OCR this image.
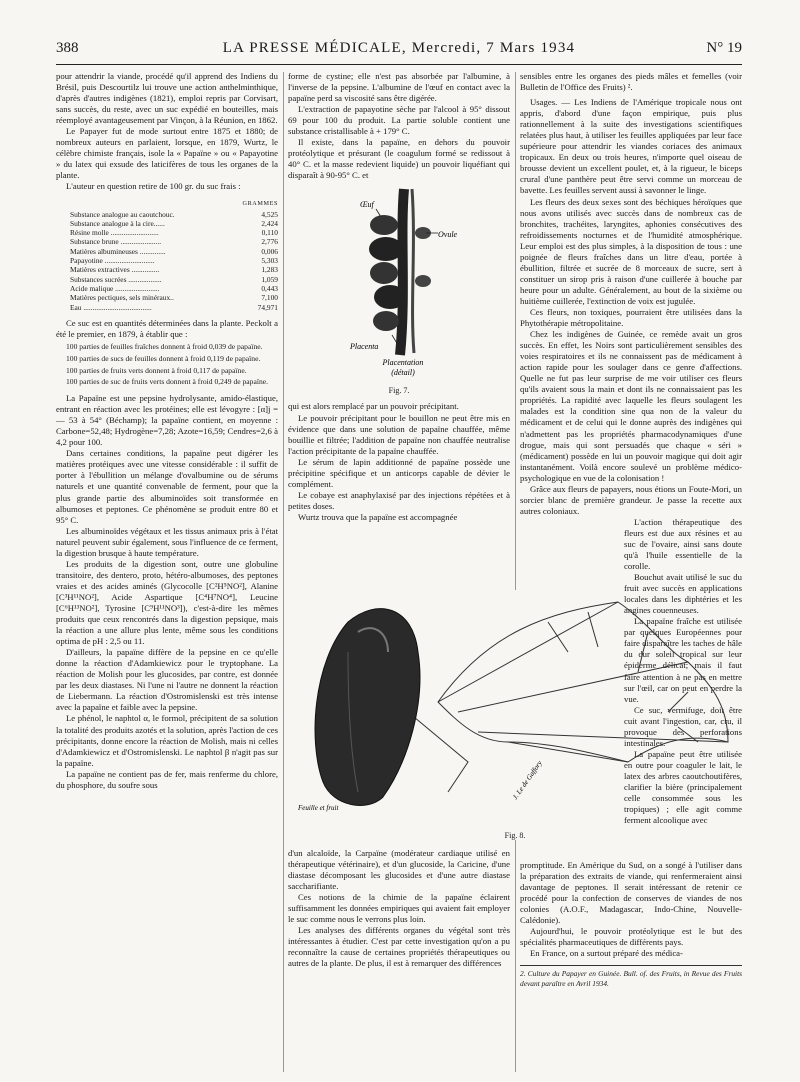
388	LA PRESSE MÉDICALE, Mercredi, 7 Mars 1934	N° 19

pour attendrir la viande, procédé qu'il apprend des Indiens du Brésil, puis Descourtilz lui trouve une action anthelminthique, d'après d'autres indigènes (1821), emploi repris par Corvisart, sans succès, du reste, avec un suc expédié en bouteilles, mais réemployé avantageusement par Vinçon, à la Réunion, en 1862.

Le Papayer fut de mode surtout entre 1875 et 1880; de nombreux auteurs en parlaient, lorsque, en 1879, Wurtz, le célèbre chimiste français, isole la « Papaïne » ou « Papayotine » du latex qui exsude des laticifères de tous les organes de la plante.

L'auteur en question retire de 100 gr. du suc frais :

GRAMMES
Substance analogue au caoutchouc.	4,525
Substance analogue à la cire......	2,424
Résine molle ..........................	0,110
Substance brune ......................	2,776
Matières albumineuses ..............	0,006
Papayotine ...........................	5,303
Matières extractives ...............	1,283
Substances sucrées ..................	1,059
Acide malique ........................	0,443
Matières pectiques, sels minéraux..	7,100
Eau .....................................	74,971

Ce suc est en quantités déterminées dans la plante. Peckolt a été le premier, en 1879, à établir que :

100 parties de feuilles fraîches donnent à froid 0,039 de papaïne.

100 parties de sucs de feuilles donnent à froid 0,119 de papaïne.

100 parties de fruits verts donnent à froid 0,117 de papaïne.

100 parties de suc de fruits verts donnent à froid 0,249 de papaïne.

La Papaïne est une pepsine hydrolysante, amido-élastique, entrant en réaction avec les protéines; elle est lévogyre : [α]j = — 53 à 54° (Béchamp); la papaïne contient, en moyenne : Carbone=52,48; Hydrogène=7,28; Azote=16,59; Cendres=2,6 à 4,2 pour 100.

Dans certaines conditions, la papaïne peut digérer les matières protéiques avec une vitesse considérable : il suffit de porter à l'ébullition un mélange d'ovalbumine ou de sérums naturels et une quantité convenable de ferment, pour que la plus grande partie des albuminoïdes soit transformée en albumoses et peptones. Ce phénomène se produit entre 80 et 95° C.

Les albuminoïdes végétaux et les tissus animaux pris à l'état naturel peuvent subir également, sous l'influence de ce ferment, la digestion brusque à haute température.

Les produits de la digestion sont, outre une globuline transitoire, des dentero, proto, hétéro-albumoses, des peptones vraies et des acides aminés (Glycocolle [C²H⁵NO²], Alanine [C³H¹¹NO²], Acide Aspartique [C⁴H⁷NO⁴], Leucine [C⁶H¹³NO²], Tyrosine [C⁹H¹¹NO³]), c'est-à-dire les mêmes produits que ceux rencontrés dans la digestion pepsique, mais la réaction a une allure plus lente, même sous les conditions optima de pH : 2,5 ou 11.

D'ailleurs, la papaïne diffère de la pepsine en ce qu'elle donne la réaction d'Adamkiewicz pour le tryptophane. La réaction de Molish pour les glucosides, par contre, est donnée par les deux diastases. Ni l'une ni l'autre ne donnent la réaction de Liebermann. La réaction d'Ostromislenski est très intense avec la papaïne et faible avec la pepsine.

Le phénol, le naphtol α, le formol, précipitent de sa solution la totalité des produits azotés et la solution, après l'action de ces précipitants, donne encore la réaction de Molish, mais ni celles d'Adamkiewicz et d'Ostromislenski. Le naphtol β n'agit pas sur la papaïne.

La papaïne ne contient pas de fer, mais renferme du chlore, du phosphore, du soufre sous

forme de cystine; elle n'est pas absorbée par l'albumine, à l'inverse de la pepsine. L'albumine de l'œuf en contact avec la papaïne perd sa viscosité sans être digérée.

L'extraction de papayotine sèche par l'alcool à 95° dissout 69 pour 100 du produit. La partie soluble contient une substance cristallisable à + 179° C.

Il existe, dans la papaïne, en dehors du pouvoir protéolytique et présurant (le coagulum formé se redissout à 40° C. et la masse redevient liquide) un pouvoir liquéfiant qui disparaît à 90-95° C. et

Œuf
Ovule
Placenta
Placentation
(détail)
Fig. 7.

qui est alors remplacé par un pouvoir précipitant.

Le pouvoir précipitant pour le bouillon ne peut être mis en évidence que dans une solution de papaïne chauffée, même bouillie et filtrée; l'addition de papaïne non chauffée neutralise l'action précipitante de la papaïne chauffée.

Le sérum de lapin additionné de papaïne possède une précipitine spécifique et un anticorps capable de dévier le complément.

Le cobaye est anaphylaxisé par des injections répétées et à petites doses.

Wurtz trouva que la papaïne est accompagnée

sensibles entre les organes des pieds mâles et femelles (voir Bulletin de l'Office des Fruits) ².

Usages. — Les Indiens de l'Amérique tropicale nous ont appris, d'abord d'une façon empirique, puis plus rationnellement à la suite des investigations scientifiques relatées plus haut, à utiliser les feuilles appliquées par leur face supérieure pour attendrir les viandes coriaces des animaux tropicaux. En deux ou trois heures, n'importe quel oiseau de brousse devient un excellent poulet, et, à la rigueur, le biceps crural d'une panthère peut être servi comme un morceau de bavette. Les feuilles servent aussi à savonner le linge.

Les fleurs des deux sexes sont des béchiques héroïques que nous avons utilisés avec succès dans de nombreux cas de bronchites, trachéites, laryngites, aphonies consécutives des refroidissements nocturnes et de l'humidité atmosphérique. Leur emploi est des plus simples, à la disposition de tous : une poignée de fleurs fraîches dans un litre d'eau, portée à ébullition, filtrée et sucrée de 8 morceaux de sucre, sert à constituer un sirop pris à raison d'une cuillerée à bouche par heure pour un adulte. Généralement, au bout de la sixième ou huitième cuillerée, l'extinction de voix est jugulée.

Ces fleurs, non toxiques, pourraient être utilisées dans la Phytothérapie métropolitaine.

Chez les indigènes de Guinée, ce remède avait un gros succès. En effet, les Noirs sont particulièrement sensibles des voies respiratoires et ils ne connaissent pas de médicament à action rapide pour les soulager dans ce genre d'affections. Quelle ne fut pas leur surprise de me voir utiliser ces fleurs qu'ils avaient sous la main et dont ils ne connaissaient pas les propriétés. La rapidité avec laquelle les fleurs soulagent les malades est la condition sine qua non de la valeur du médicament et de celui qui le donne auprès des indigènes qui n'admettent pas les propriétés pharmacodynamiques d'une drogue, mais qui sont persuadés que chaque « séri » (médicament) possède en lui un pouvoir magique qui doit agir instantanément. Voilà encore soulevé un problème médico-psychologique en vue de la colonisation !

Grâce aux fleurs de papayers, nous étions un Foute-Mori, un sorcier blanc de première grandeur. Je passe la recette aux autres coloniaux.

L'action thérapeutique des fleurs est due aux résines et au suc de l'ovaire, ainsi sans doute qu'à l'huile essentielle de la corolle.

Bouchut avait utilisé le suc du fruit avec succès en applications locales dans les diphtéries et les angines couenneuses.

La papaïne fraîche est utilisée par quelques Européennes pour faire disparaître les taches de hâle du dur soleil tropical sur leur épiderme délicat; mais il faut faire attention à ne pas en mettre sur l'œil, car on peut en perdre la vue.

Ce suc, vermifuge, doit être cuit avant l'ingestion, car, cru, il provoque des perforations intestinales.

La papaïne peut être utilisée en outre pour coaguler le lait, le latex des arbres caoutchoutifères, clarifier la bière (principalement celle consommée sous les tropiques) ; elle agit comme ferment alcoolique avec

Feuille et fruit
J. Le de Gaffory
Fig. 8.

d'un alcaloïde, la Carpaïne (modérateur cardiaque utilisé en thérapeutique vétérinaire), et d'un glucoside, la Caricine, d'une diastase décomposant les glucosides et d'une autre diastase saccharifiante.

Ces notions de la chimie de la papaïne éclairent suffisamment les données empiriques qui avaient fait employer le suc comme nous le verrons plus loin.

Les analyses des différents organes du végétal sont très intéressantes à étudier. C'est par cette investigation qu'on a pu reconnaître la cause de certaines propriétés thérapeutiques ou autres de la plante. De plus, il est à remarquer des différences

promptitude. En Amérique du Sud, on a songé à l'utiliser dans la préparation des extraits de viande, qui renfermeraient ainsi davantage de peptones. Il serait intéressant de retenir ce procédé pour la confection de conserves de viandes de nos colonies (A.O.F., Madagascar, Indo-Chine, Nouvelle-Calédonie).

Aujourd'hui, le pouvoir protéolytique est le but des spécialités pharmaceutiques de différents pays.

En France, on a surtout préparé des médica-

2. Culture du Papayer en Guinée. Bull. of. des Fruits, in Revue des Fruits devant paraître en Avril 1934.
